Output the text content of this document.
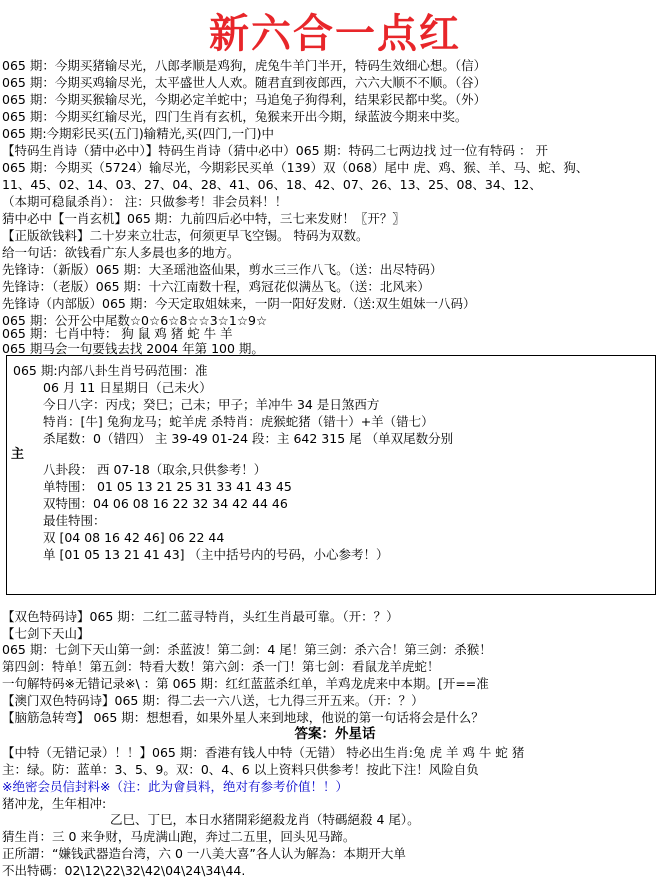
新六合一点红
065 期：今期买猪输尽光，八郎孝顺是鸡狗，虎兔牛羊门半开，特码生效细心想。（信）
065 期：今期买鸡输尽光，太平盛世人人欢。随君直到夜郎西，六六大顺不不顺。（谷）
065 期：今期买猴输尽光，今期必定羊蛇中；马追兔子狗得利，结果彩民都中奖。（外）
065 期：今期买红输尽光，四门生肖有玄机，兔猴来开出今期，绿蓝波今期来中奖。
065 期:今期彩民买(五门)输精光,买(四门,一门)中
【特码生肖诗（猜中必中）】特码生肖诗（猜中必中）065 期：特码二七两边找 过一位有特码 ： 开
065 期：今期买（5724）输尽光，今期彩民买单（139）双（068）尾中 虎、鸡、猴、羊、马、蛇、狗、
11、45、02、14、03、27、04、28、41、06、18、42、07、26、13、25、08、34、12、
（本期可稳鼠杀肖）： 注：只做参考！非会员料！！
猜中必中【一肖玄机】065 期：九前四后必中特，三七来发财！〖开？〗
【正版欲钱料】二十岁来立壮志，何须更早飞空锡。 特码为双数。
给一句话：欲钱看广东人多晨也多的地方。
先锋诗：（新版）065 期：大圣瑶池盗仙果，剪水三三作八飞。（送：出尽特码）
先锋诗：（老版）065 期：十六江南数十程，鸡冠花似满丛飞。（送：北风来）
先锋诗（内部版）065 期：今天定取姐妹来，一阴一阳好发财.（送:双生姐妹一八码）
065 期：公开公中尾数☆0☆6☆8☆☆3☆1☆9☆
065 期：七肖中特： 狗 鼠 鸡 猪 蛇 牛 羊
065 期马会一句要钱去找 2004 年第 100 期。
065 期:内部八卦生肖号码范围：准
06 月 11 日星期日（己未火）
今日八字：丙戌；癸巳；己未；甲子；羊冲牛 34 是日煞西方
特肖：[牛] 兔狗龙马；蛇羊虎 杀特肖：虎猴蛇猪（错十）+羊（错七）
杀尾数：0（错四） 主 39-49 01-24 段：主 642 315 尾 （单双尾数分别
主
八卦段： 西 07-18（取余,只供参考！）
单特围： 01 05 13 21 25 31 33 41 43 45
双特围：04 06 08 16 22 32 34 42 44 46
最佳特围：
双 [04 08 16 42 46] 06 22 44
单 [01 05 13 21 41 43] （主中括号内的号码，小心参考！）
【双色特码诗】065 期：二红二蓝寻特肖，头红生肖最可靠。（开：？）
【七剑下天山】
065 期：七剑下天山第一剑：杀蓝波！第二剑：4 尾！第三剑：杀六合！第三剑：杀猴！
第四剑：特单！第五剑：特看大数！第六剑：杀一门！第七剑：看鼠龙羊虎蛇！
一句解特码※无错记录※\ ：第 065 期：红红蓝蓝杀红单，羊鸡龙虎来中本期。[开==准
【澳门双色特码诗】065 期：得二去一六八送，七九得三开五来。（开：？）
【脑筋急转弯】 065 期：想想看，如果外星人来到地球，他说的第一句话将会是什么？
答案：外星话
【中特（无错记录）！！】065 期：香港有钱人中特（无错） 特必出生肖:兔 虎 羊 鸡 牛 蛇 猪
主：绿。防：蓝单：3、5、9。双：0、4、6 以上资料只供参考！按此下注！风险自负
※绝密会员信封料※（注：此为會員料，绝对有参考价值！！）
猪冲龙，生年相冲:
乙巳、丁巳，本日水猪開彩絕殺龙肖（特碼絕殺 4 尾）。
猜生肖：三 0 来争财，马虎满山跑，奔过二五里，回头见马蹄。
正所謂：“嫌钱武器造台湾，六 0 一八美大喜”各人认为解為：本期开大单
不出特碼：02\12\22\32\42\04\24\34\44.
